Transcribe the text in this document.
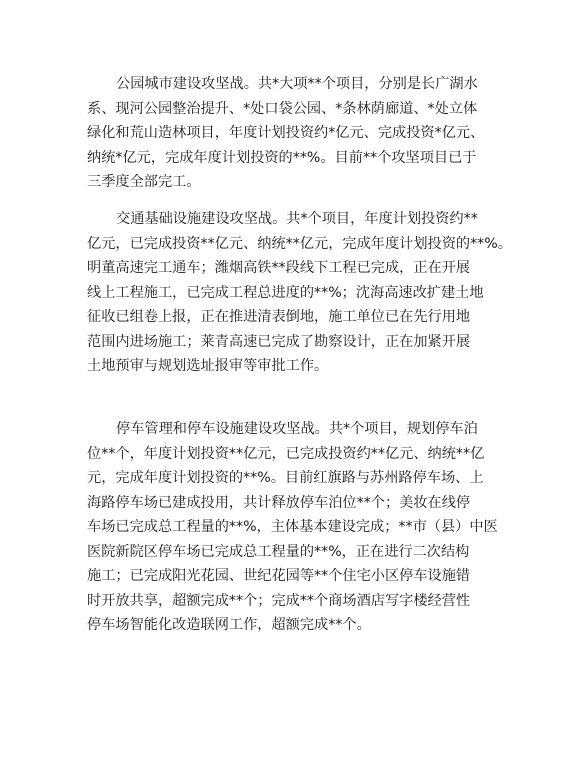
公园城市建设攻坚战。共*大项**个项目，分别是长广湖水
系、现河公园整治提升、*处口袋公园、*条林荫廊道、*处立体
绿化和荒山造林项目，年度计划投资约*亿元、完成投资*亿元、
纳统*亿元，完成年度计划投资的**%。目前**个攻坚项目已于
三季度全部完工。
交通基础设施建设攻坚战。共*个项目，年度计划投资约**
亿元，已完成投资**亿元、纳统**亿元，完成年度计划投资的**%。
明董高速完工通车；潍烟高铁**段线下工程已完成，正在开展
线上工程施工，已完成工程总进度的**%；沈海高速改扩建土地
征收已组卷上报，正在推进清表倒地，施工单位已在先行用地
范围内进场施工；莱青高速已完成了勘察设计，正在加紧开展
土地预审与规划选址报审等审批工作。
停车管理和停车设施建设攻坚战。共*个项目，规划停车泊
位**个，年度计划投资**亿元，已完成投资约**亿元、纳统**亿
元，完成年度计划投资的**%。目前红旗路与苏州路停车场、上
海路停车场已建成投用，共计释放停车泊位**个；美妆在线停
车场已完成总工程量的**%，主体基本建设完成；**市（县）中医
医院新院区停车场已完成总工程量的**%，正在进行二次结构
施工；已完成阳光花园、世纪花园等**个住宅小区停车设施错
时开放共享，超额完成**个；完成**个商场酒店写字楼经营性
停车场智能化改造联网工作，超额完成**个。
